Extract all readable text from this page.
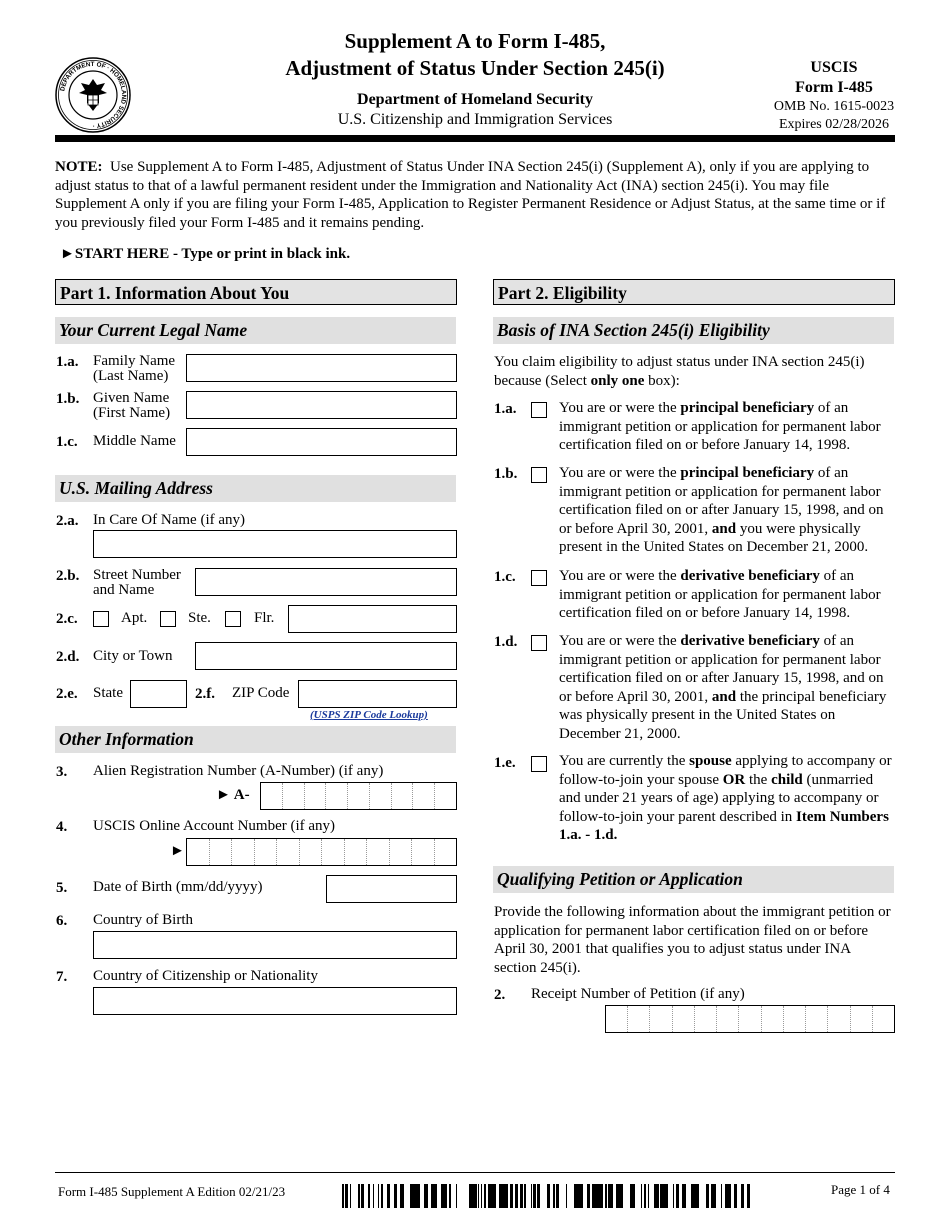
DEPARTMENT OF · HOMELAND SECURITY ·
Supplement A to Form I-485,
Adjustment of Status Under Section 245(i)
Department of Homeland Security
U.S. Citizenship and Immigration Services
USCIS
Form I-485
OMB No. 1615-0023
Expires 02/28/2026
NOTE: Use Supplement A to Form I-485, Adjustment of Status Under INA Section 245(i) (Supplement A), only if you are applying to adjust status to that of a lawful permanent resident under the Immigration and Nationality Act (INA) section 245(i). You may file Supplement A only if you are filing your Form I-485, Application to Register Permanent Residence or Adjust Status, at the same time or if you previously filed your Form I-485 and it remains pending.
►START HERE - Type or print in black ink.
Part 1. Information About You
Your Current Legal Name
1.a. Family Name
(Last Name)
1.b. Given Name
(First Name)
1.c. Middle Name
U.S. Mailing Address
2.a. In Care Of Name (if any)
2.b. Street Number
and Name
2.c.	Apt.	Ste.	Flr.
2.d. City or Town
2.e. State	2.f. ZIP Code
(USPS ZIP Code Lookup)
Other Information
3. Alien Registration Number (A-Number) (if any)
► A-
4. USCIS Online Account Number (if any)
►
5. Date of Birth (mm/dd/yyyy)
6. Country of Birth
7. Country of Citizenship or Nationality
Part 2. Eligibility
Basis of INA Section 245(i) Eligibility
You claim eligibility to adjust status under INA section 245(i) because (Select only one box):
1.a.	You are or were the principal beneficiary of an immigrant petition or application for permanent labor certification filed on or before January 14, 1998.
1.b.	You are or were the principal beneficiary of an immigrant petition or application for permanent labor certification filed on or after January 15, 1998, and on or before April 30, 2001, and you were physically present in the United States on December 21, 2000.
1.c.	You are or were the derivative beneficiary of an immigrant petition or application for permanent labor certification filed on or before January 14, 1998.
1.d.	You are or were the derivative beneficiary of an immigrant petition or application for permanent labor certification filed on or after January 15, 1998, and on or before April 30, 2001, and the principal beneficiary was physically present in the United States on December 21, 2000.
1.e.	You are currently the spouse applying to accompany or follow-to-join your spouse OR the child (unmarried and under 21 years of age) applying to accompany or follow-to-join your parent described in Item Numbers 1.a. - 1.d.
Qualifying Petition or Application
Provide the following information about the immigrant petition or application for permanent labor certification filed on or before April 30, 2001 that qualifies you to adjust status under INA section 245(i).
2. Receipt Number of Petition (if any)
Form I-485 Supplement A Edition 02/21/23	Page 1 of 4
